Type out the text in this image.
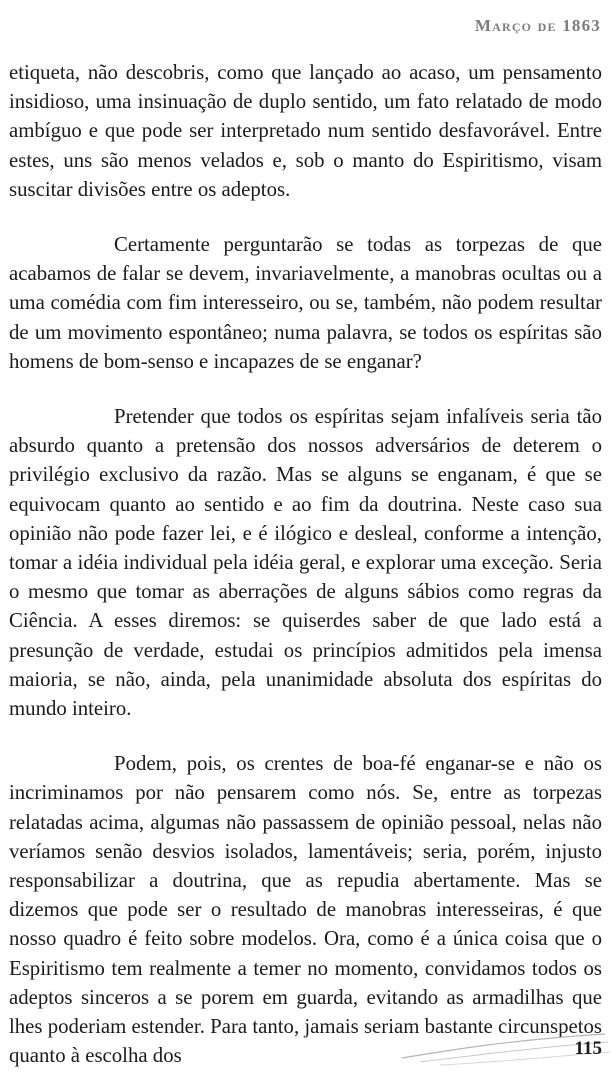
Março de 1863

etiqueta, não descobris, como que lançado ao acaso, um pensamento insidioso, uma insinuação de duplo sentido, um fato relatado de modo ambíguo e que pode ser interpretado num sentido desfavorável. Entre estes, uns são menos velados e, sob o manto do Espiritismo, visam suscitar divisões entre os adeptos.

Certamente perguntarão se todas as torpezas de que acabamos de falar se devem, invariavelmente, a manobras ocultas ou a uma comédia com fim interesseiro, ou se, também, não podem resultar de um movimento espontâneo; numa palavra, se todos os espíritas são homens de bom-senso e incapazes de se enganar?

Pretender que todos os espíritas sejam infalíveis seria tão absurdo quanto a pretensão dos nossos adversários de deterem o privilégio exclusivo da razão. Mas se alguns se enganam, é que se equivocam quanto ao sentido e ao fim da doutrina. Neste caso sua opinião não pode fazer lei, e é ilógico e desleal, conforme a intenção, tomar a idéia individual pela idéia geral, e explorar uma exceção. Seria o mesmo que tomar as aberrações de alguns sábios como regras da Ciência. A esses diremos: se quiserdes saber de que lado está a presunção de verdade, estudai os princípios admitidos pela imensa maioria, se não, ainda, pela unanimidade absoluta dos espíritas do mundo inteiro.

Podem, pois, os crentes de boa-fé enganar-se e não os incriminamos por não pensarem como nós. Se, entre as torpezas relatadas acima, algumas não passassem de opinião pessoal, nelas não veríamos senão desvios isolados, lamentáveis; seria, porém, injusto responsabilizar a doutrina, que as repudia abertamente. Mas se dizemos que pode ser o resultado de manobras interesseiras, é que nosso quadro é feito sobre modelos. Ora, como é a única coisa que o Espiritismo tem realmente a temer no momento, convidamos todos os adeptos sinceros a se porem em guarda, evitando as armadilhas que lhes poderiam estender. Para tanto, jamais seriam bastante circunspetos quanto à escolha dos	115
